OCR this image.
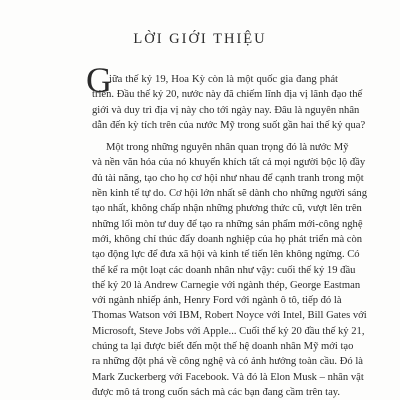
LỜI GIỚI THIỆU
G
iữa thế kỷ 19, Hoa Kỳ còn là một quốc gia đang phát
triển. Đầu thế kỷ 20, nước này đã chiếm lĩnh địa vị lãnh đạo thế
giới và duy trì địa vị này cho tới ngày nay. Đâu là nguyên nhân
dẫn đến kỳ tích trên của nước Mỹ trong suốt gần hai thế kỷ qua?
Một trong những nguyên nhân quan trọng đó là nước Mỹ
và nền văn hóa của nó khuyến khích tất cả mọi người bộc lộ đầy
đủ tài năng, tạo cho họ cơ hội như nhau để cạnh tranh trong một
nền kinh tế tự do. Cơ hội lớn nhất sẽ dành cho những người sáng
tạo nhất, không chấp nhận những phương thức cũ, vượt lên trên
những lối mòn tư duy để tạo ra những sản phẩm mới-công nghệ
mới, không chỉ thúc đẩy doanh nghiệp của họ phát triển mà còn
tạo động lực để đưa xã hội và kinh tế tiến lên không ngừng. Có
thể kể ra một loạt các doanh nhân như vậy: cuối thế kỷ 19 đầu
thế kỷ 20 là Andrew Carnegie với ngành thép, George Eastman
với ngành nhiếp ảnh, Henry Ford với ngành ô tô, tiếp đó là
Thomas Watson với IBM, Robert Noyce với Intel, Bill Gates với
Microsoft, Steve Jobs với Apple... Cuối thế kỷ 20 đầu thế kỷ 21,
chúng ta lại được biết đến một thế hệ doanh nhân Mỹ mới tạo
ra những đột phá về công nghệ và có ảnh hưởng toàn cầu. Đó là
Mark Zuckerberg với Facebook. Và đó là Elon Musk – nhân vật
được mô tả trong cuốn sách mà các bạn đang cầm trên tay.
